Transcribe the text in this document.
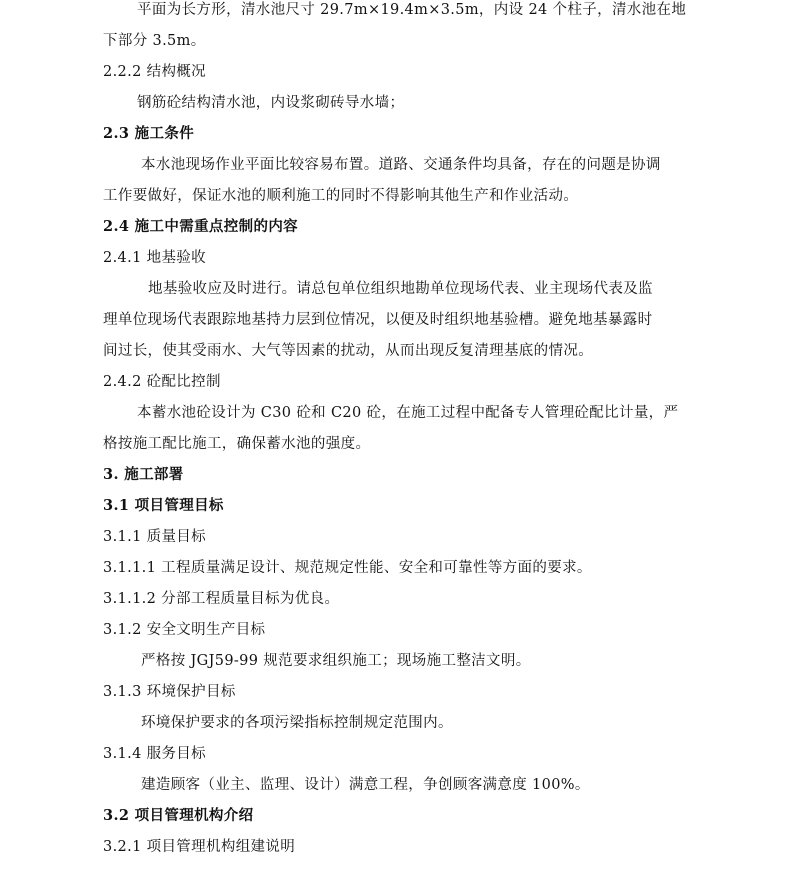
平面为长方形，清水池尺寸 29.7m×19.4m×3.5m，内设 24 个柱子，清水池在地
下部分 3.5m。
2.2.2 结构概况
钢筋砼结构清水池，内设浆砌砖导水墙；
2.3 施工条件
本水池现场作业平面比较容易布置。道路、交通条件均具备，存在的问题是协调
工作要做好，保证水池的顺利施工的同时不得影响其他生产和作业活动。
2.4 施工中需重点控制的内容
2.4.1 地基验收
地基验收应及时进行。请总包单位组织地勘单位现场代表、业主现场代表及监
理单位现场代表跟踪地基持力层到位情况，以便及时组织地基验槽。避免地基暴露时
间过长，使其受雨水、大气等因素的扰动，从而出现反复清理基底的情况。
2.4.2 砼配比控制
本蓄水池砼设计为 C30 砼和 C20 砼，在施工过程中配备专人管理砼配比计量，严
格按施工配比施工，确保蓄水池的强度。
3. 施工部署
3.1 项目管理目标
3.1.1 质量目标
3.1.1.1 工程质量满足设计、规范规定性能、安全和可靠性等方面的要求。
3.1.1.2 分部工程质量目标为优良。
3.1.2 安全文明生产目标
严格按 JGJ59-99 规范要求组织施工；现场施工整洁文明。
3.1.3 环境保护目标
环境保护要求的各项污梁指标控制规定范围内。
3.1.4 服务目标
建造顾客（业主、监理、设计）满意工程，争创顾客满意度 100%。
3.2 项目管理机构介绍
3.2.1 项目管理机构组建说明
